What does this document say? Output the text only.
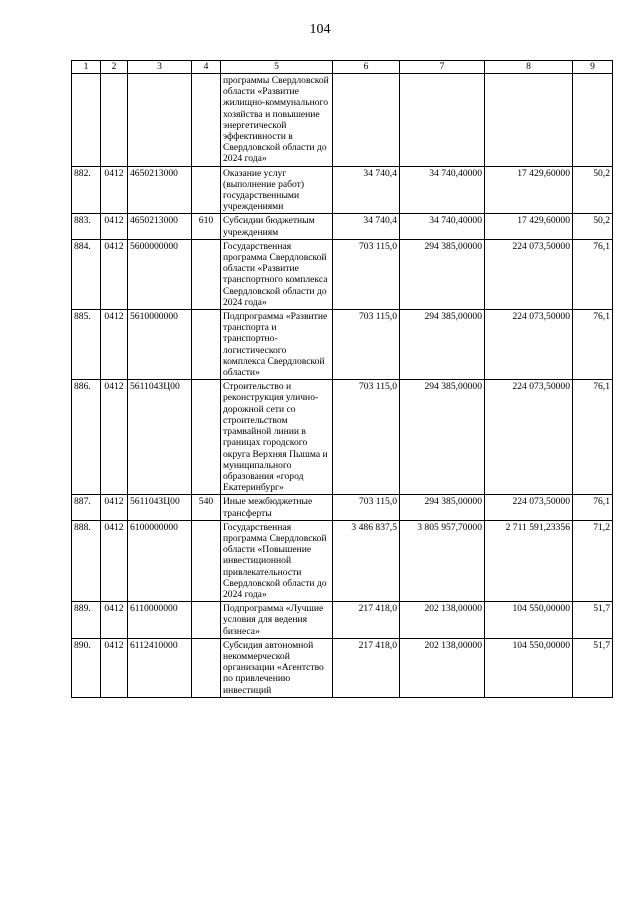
104
1	2	3	4	5	6	7	8	9
				программы Свердловской области «Развитие жилищно-коммунального хозяйства и повышение энергетической эффективности в Свердловской области до 2024 года»				
882.	0412	4650213000		Оказание услуг (выполнение работ) государственными учреждениями	34 740,4	34 740,40000	17 429,60000	50,2
883.	0412	4650213000	610	Субсидии бюджетным учреждениям	34 740,4	34 740,40000	17 429,60000	50,2
884.	0412	5600000000		Государственная программа Свердловской области «Развитие транспортного комплекса Свердловской области до 2024 года»	703 115,0	294 385,00000	224 073,50000	76,1
885.	0412	5610000000		Подпрограмма «Развитие транспорта и транспортно-логистического комплекса Свердловской области»	703 115,0	294 385,00000	224 073,50000	76,1
886.	0412	561104ЗЦ00		Строительство и реконструкция улично-дорожной сети со строительством трамвайной линии в границах городского округа Верхняя Пышма и муниципального образования «город Екатеринбург»	703 115,0	294 385,00000	224 073,50000	76,1
887.	0412	561104ЗЦ00	540	Иные межбюджетные трансферты	703 115,0	294 385,00000	224 073,50000	76,1
888.	0412	6100000000		Государственная программа Свердловской области «Повышение инвестиционной привлекательности Свердловской области до 2024 года»	3 486 837,5	3 805 957,70000	2 711 591,23356	71,2
889.	0412	6110000000		Подпрограмма «Лучшие условия для ведения бизнеса»	217 418,0	202 138,00000	104 550,00000	51,7
890.	0412	6112410000		Субсидия автономной некоммерческой организации «Агентство по привлечению инвестиций	217 418,0	202 138,00000	104 550,00000	51,7
